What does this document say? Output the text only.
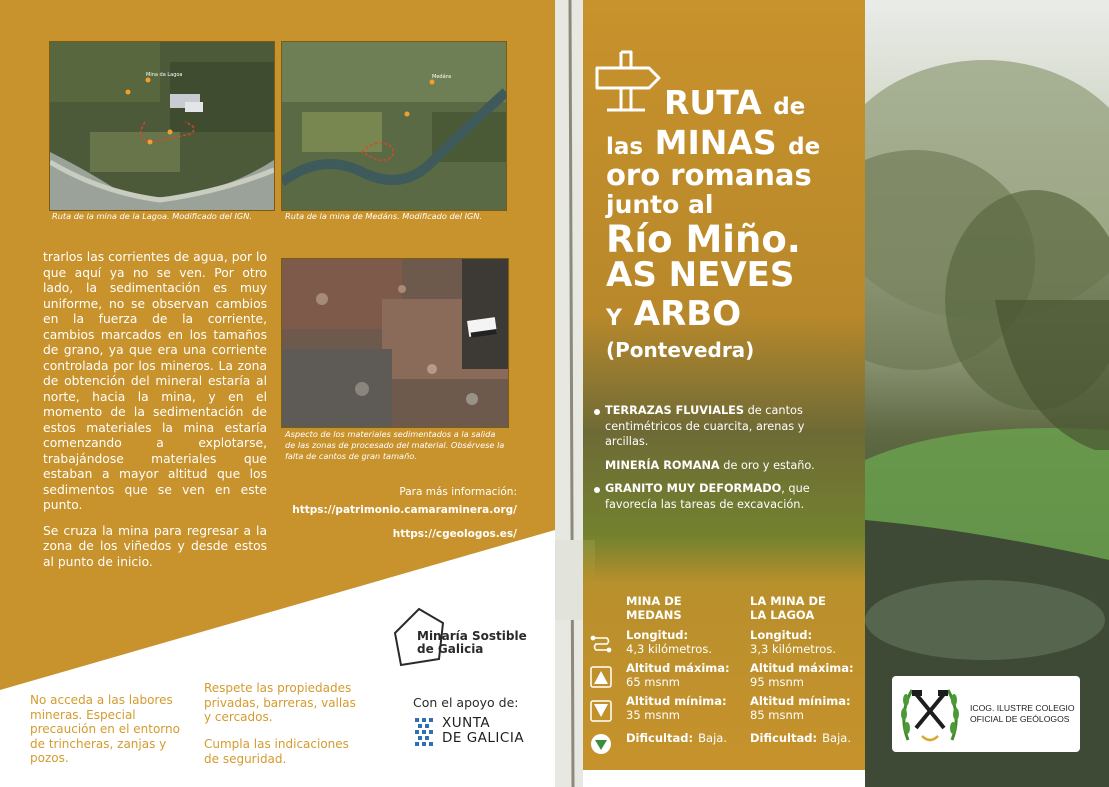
Mina da Lagoa
Ruta de la mina de la Lagoa. Modificado del IGN.
Medáns
Ruta de la mina de Medáns. Modificado del IGN.

trarlos las corrientes de agua, por lo que aquí ya no se ven. Por otro lado, la sedimentación es muy uniforme, no se observan cambios en la fuerza de la corriente, cambios marcados en los tamaños de grano, ya que era una corriente controlada por los mineros. La zona de obtención del mineral estaría al norte, hacia la mina, y en el momento de la sedimentación de estos materiales la mina estaría comenzando a explotarse, trabajándose materiales que estaban a mayor altitud que los sedimentos que se ven en este punto.

Se cruza la mina para regresar a la zona de los viñedos y desde estos al punto de inicio.

Aspecto de los materiales sedimentados a la salida de las zonas de procesado del material. Obsérvese la falta de cantos de gran tamaño.
Para más información:
https://patrimonio.camaraminera.org/
https://cgeologos.es/
Minaría Sostible
de Galicia
Con el apoyo de:
XUNTA
DE GALICIA
No acceda a las labores mineras. Especial precaución en el entorno de trincheras, zanjas y pozos.
Respete las propiedades privadas, barreras, vallas y cercados.
Cumpla las indicaciones de seguridad.
RUTA de
las MINAS de
oro romanas
junto al
Río Miño.
AS NEVES
Y ARBO
(Pontevedra)
TERRAZAS FLUVIALES de cantos centimétricos de cuarcita, arenas y arcillas.
MINERÍA ROMANA de oro y estaño.
GRANITO MUY DEFORMADO, que favorecía las tareas de excavación.
MINA DE MEDANS
LA MINA DE LA LAGOA
Longitud:
4,3 kilómetros.
Altitud máxima:
65 msnm
Altitud mínima:
35 msnm
Dificultad: Baja.
Longitud:
3,3 kilómetros.
Altitud máxima:
95 msnm
Altitud mínima:
85 msnm
Dificultad: Baja.
ICOG. ILUSTRE COLEGIO
OFICIAL DE GEÓLOGOS
